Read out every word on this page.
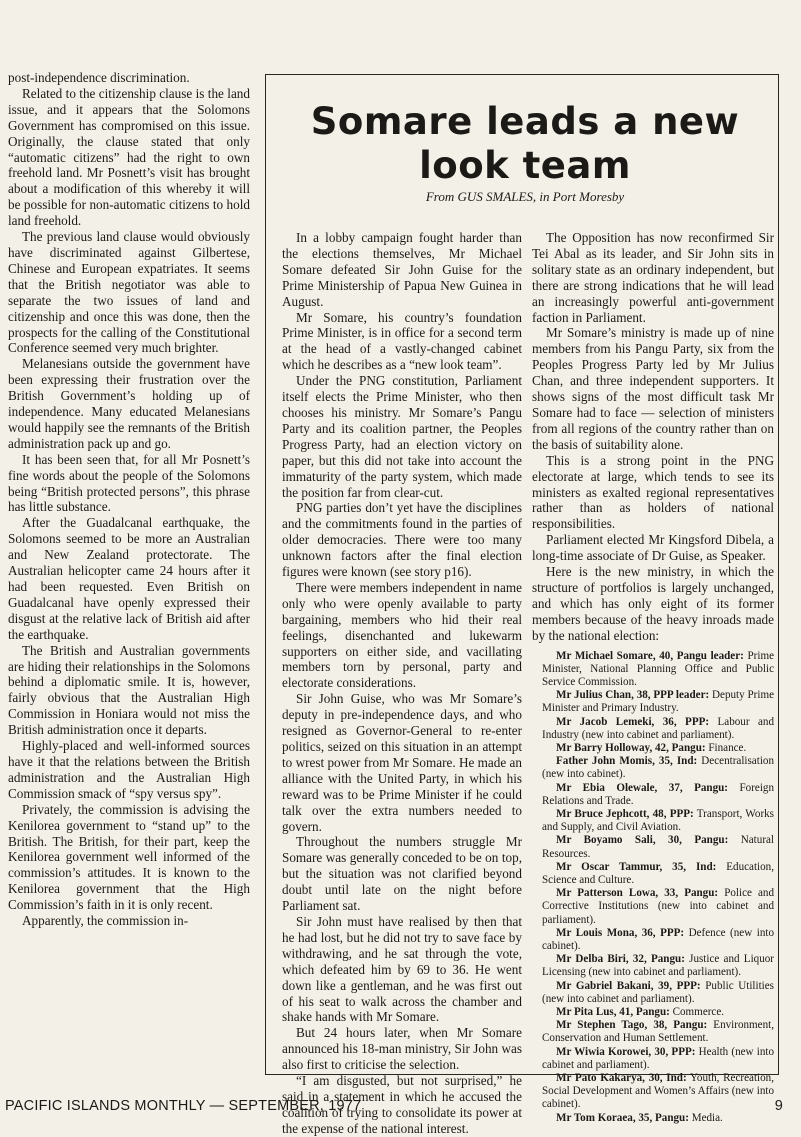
post-independence discrimination.

Related to the citizenship clause is the land issue, and it appears that the Solomons Government has compromised on this issue. Originally, the clause stated that only “automatic citizens” had the right to own freehold land. Mr Posnett’s visit has brought about a modification of this whereby it will be possible for non-automatic citizens to hold land freehold.

The previous land clause would obviously have discriminated against Gilbertese, Chinese and European expatriates. It seems that the British negotiator was able to separate the two issues of land and citizenship and once this was done, then the prospects for the calling of the Constitutional Conference seemed very much brighter.

Melanesians outside the government have been expressing their frustration over the British Government’s holding up of independence. Many educated Melanesians would happily see the remnants of the British administration pack up and go.

It has been seen that, for all Mr Posnett’s fine words about the people of the Solomons being “British protected persons”, this phrase has little substance.

After the Guadalcanal earthquake, the Solomons seemed to be more an Australian and New Zealand protectorate. The Australian helicopter came 24 hours after it had been requested. Even British on Guadalcanal have openly expressed their disgust at the relative lack of British aid after the earthquake.

The British and Australian governments are hiding their relationships in the Solomons behind a diplomatic smile. It is, however, fairly obvious that the Australian High Commission in Honiara would not miss the British administration once it departs.

Highly-placed and well-informed sources have it that the relations between the British administration and the Australian High Commission smack of “spy versus spy”.

Privately, the commission is advising the Kenilorea government to “stand up” to the British. The British, for their part, keep the Kenilorea government well informed of the commission’s attitudes. It is known to the Kenilorea government that the High Commission’s faith in it is only recent.

Apparently, the commission in-

Somare leads a new look team
From GUS SMALES, in Port Moresby

In a lobby campaign fought harder than the elections themselves, Mr Michael Somare defeated Sir John Guise for the Prime Ministership of Papua New Guinea in August.

Mr Somare, his country’s foundation Prime Minister, is in office for a second term at the head of a vastly-changed cabinet which he describes as a “new look team”.

Under the PNG constitution, Parliament itself elects the Prime Minister, who then chooses his ministry. Mr Somare’s Pangu Party and its coalition partner, the Peoples Progress Party, had an election victory on paper, but this did not take into account the immaturity of the party system, which made the position far from clear-cut.

PNG parties don’t yet have the disciplines and the commitments found in the parties of older democracies. There were too many unknown factors after the final election figures were known (see story p16).

There were members independent in name only who were openly available to party bargaining, members who hid their real feelings, disenchanted and lukewarm supporters on either side, and vacillating members torn by personal, party and electorate considerations.

Sir John Guise, who was Mr Somare’s deputy in pre-independence days, and who resigned as Governor-General to re-enter politics, seized on this situation in an attempt to wrest power from Mr Somare. He made an alliance with the United Party, in which his reward was to be Prime Minister if he could talk over the extra numbers needed to govern.

Throughout the numbers struggle Mr Somare was generally conceded to be on top, but the situation was not clarified beyond doubt until late on the night before Parliament sat.

Sir John must have realised by then that he had lost, but he did not try to save face by withdrawing, and he sat through the vote, which defeated him by 69 to 36. He went down like a gentleman, and he was first out of his seat to walk across the chamber and shake hands with Mr Somare.

But 24 hours later, when Mr Somare announced his 18-man ministry, Sir John was also first to criticise the selection.

“I am disgusted, but not surprised,” he said in a statement in which he accused the coalition of trying to consolidate its power at the expense of the national interest.

The Opposition has now reconfirmed Sir Tei Abal as its leader, and Sir John sits in solitary state as an ordinary independent, but there are strong indications that he will lead an increasingly powerful anti-government faction in Parliament.

Mr Somare’s ministry is made up of nine members from his Pangu Party, six from the Peoples Progress Party led by Mr Julius Chan, and three independent supporters. It shows signs of the most difficult task Mr Somare had to face — selection of ministers from all regions of the country rather than on the basis of suitability alone.

This is a strong point in the PNG electorate at large, which tends to see its ministers as exalted regional representatives rather than as holders of national responsibilities.

Parliament elected Mr Kingsford Dibela, a long-time associate of Dr Guise, as Speaker.

Here is the new ministry, in which the structure of portfolios is largely unchanged, and which has only eight of its former members because of the heavy inroads made by the national election:

Mr Michael Somare, 40, Pangu leader: Prime Minister, National Planning Office and Public Service Commission.

Mr Julius Chan, 38, PPP leader: Deputy Prime Minister and Primary Industry.

Mr Jacob Lemeki, 36, PPP: Labour and Industry (new into cabinet and parliament).

Mr Barry Holloway, 42, Pangu: Finance.

Father John Momis, 35, Ind: Decentralisation (new into cabinet).

Mr Ebia Olewale, 37, Pangu: Foreign Relations and Trade.

Mr Bruce Jephcott, 48, PPP: Transport, Works and Supply, and Civil Aviation.

Mr Boyamo Sali, 30, Pangu: Natural Resources.

Mr Oscar Tammur, 35, Ind: Education, Science and Culture.

Mr Patterson Lowa, 33, Pangu: Police and Corrective Institutions (new into cabinet and parliament).

Mr Louis Mona, 36, PPP: Defence (new into cabinet).

Mr Delba Biri, 32, Pangu: Justice and Liquor Licensing (new into cabinet and parliament).

Mr Gabriel Bakani, 39, PPP: Public Utilities (new into cabinet and parliament).

Mr Pita Lus, 41, Pangu: Commerce.

Mr Stephen Tago, 38, Pangu: Environment, Conservation and Human Settlement.

Mr Wiwia Korowei, 30, PPP: Health (new into cabinet and parliament).

Mr Pato Kakarya, 30, Ind: Youth, Recreation, Social Development and Women’s Affairs (new into cabinet).

Mr Tom Koraea, 35, Pangu: Media.

PACIFIC ISLANDS MONTHLY — SEPTEMBER, 1977	9
